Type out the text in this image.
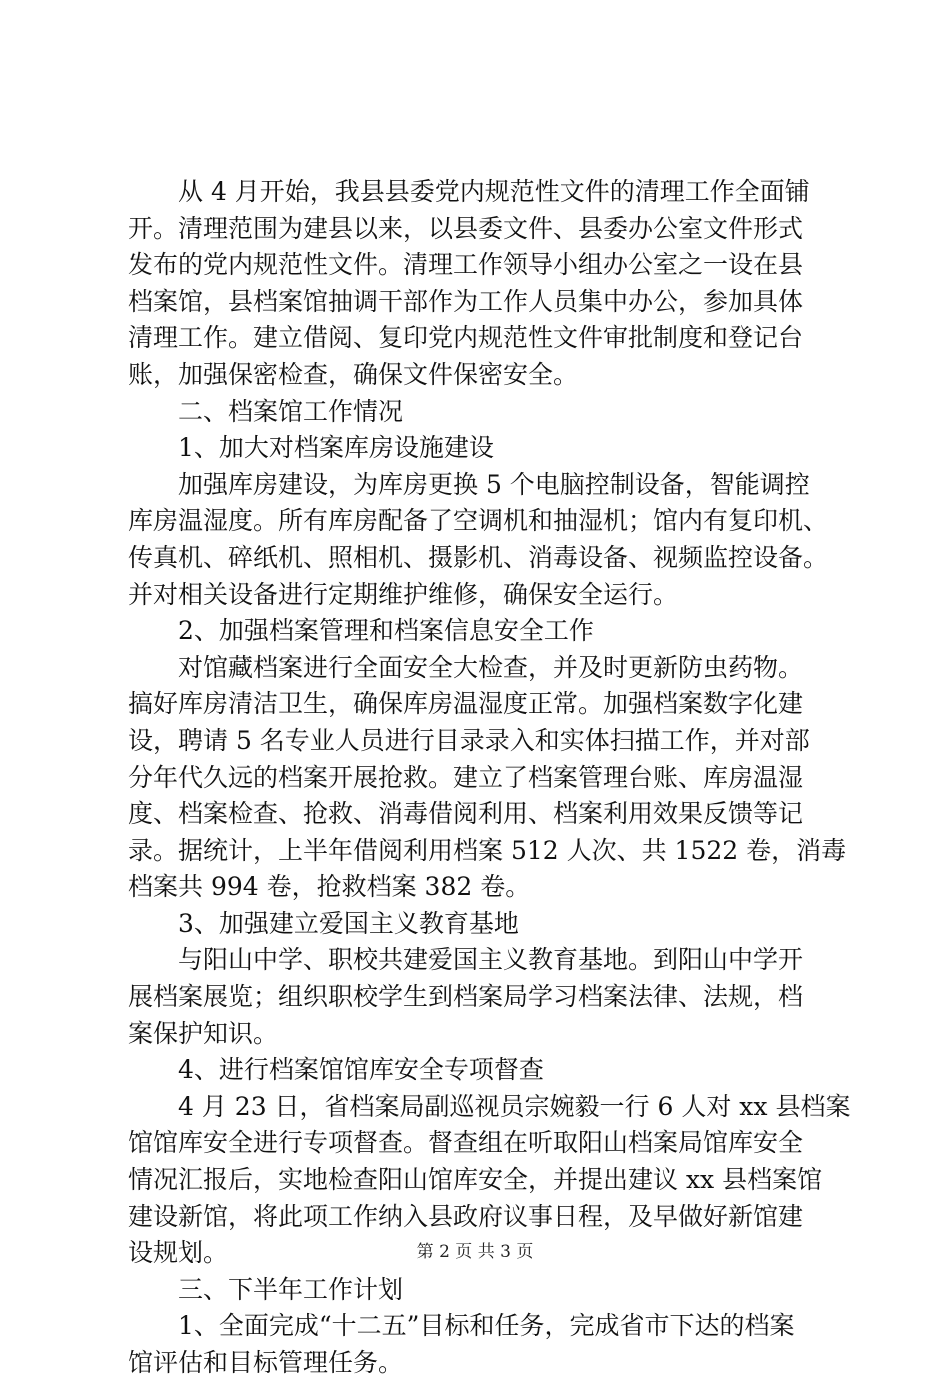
从 4 月开始，我县县委党内规范性文件的清理工作全面铺
开。清理范围为建县以来，以县委文件、县委办公室文件形式
发布的党内规范性文件。清理工作领导小组办公室之一设在县
档案馆，县档案馆抽调干部作为工作人员集中办公，参加具体
清理工作。建立借阅、复印党内规范性文件审批制度和登记台
账，加强保密检查，确保文件保密安全。
二、档案馆工作情况
1、加大对档案库房设施建设
加强库房建设，为库房更换 5 个电脑控制设备，智能调控
库房温湿度。所有库房配备了空调机和抽湿机；馆内有复印机、
传真机、碎纸机、照相机、摄影机、消毒设备、视频监控设备。
并对相关设备进行定期维护维修，确保安全运行。
2、加强档案管理和档案信息安全工作
对馆藏档案进行全面安全大检查，并及时更新防虫药物。
搞好库房清洁卫生，确保库房温湿度正常。加强档案数字化建
设，聘请 5 名专业人员进行目录录入和实体扫描工作，并对部
分年代久远的档案开展抢救。建立了档案管理台账、库房温湿
度、档案检查、抢救、消毒借阅利用、档案利用效果反馈等记
录。据统计，上半年借阅利用档案 512 人次、共 1522 卷，消毒
档案共 994 卷，抢救档案 382 卷。
3、加强建立爱国主义教育基地
与阳山中学、职校共建爱国主义教育基地。到阳山中学开
展档案展览；组织职校学生到档案局学习档案法律、法规，档
案保护知识。
4、进行档案馆馆库安全专项督查
4 月 23 日，省档案局副巡视员宗婉毅一行 6 人对 xx 县档案
馆馆库安全进行专项督查。督查组在听取阳山档案局馆库安全
情况汇报后，实地检查阳山馆库安全，并提出建议 xx 县档案馆
建设新馆，将此项工作纳入县政府议事日程，及早做好新馆建
设规划。
三、下半年工作计划
1、全面完成“十二五”目标和任务，完成省市下达的档案
馆评估和目标管理任务。
第 2 页 共 3 页
